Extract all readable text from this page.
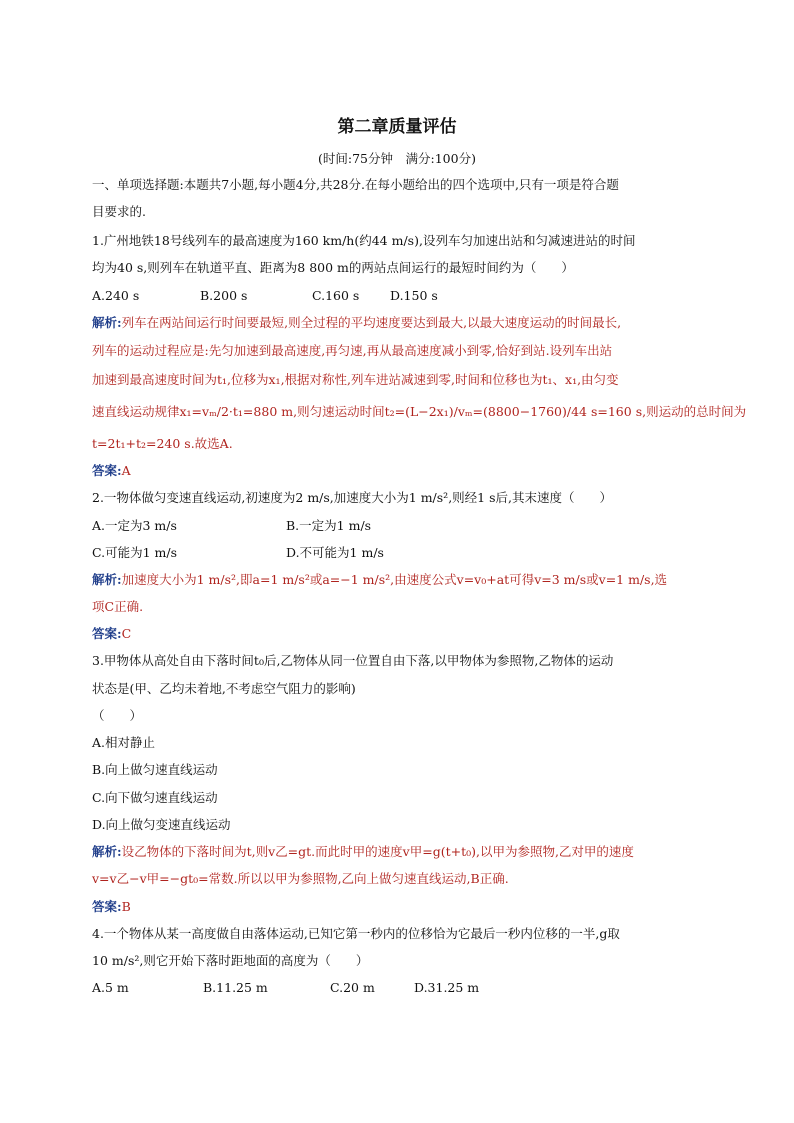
第二章质量评估
(时间:75分钟　满分:100分)
一、单项选择题:本题共7小题,每小题4分,共28分.在每小题给出的四个选项中,只有一项是符合题
目要求的.
1.广州地铁18号线列车的最高速度为160 km/h(约44 m/s),设列车匀加速出站和匀减速进站的时间
均为40 s,则列车在轨道平直、距离为8 800 m的两站点间运行的最短时间约为（　　）
A.240 s	B.200 s	C.160 s D.150 s
解析:列车在两站间运行时间要最短,则全过程的平均速度要达到最大,以最大速度运动的时间最长,
列车的运动过程应是:先匀加速到最高速度,再匀速,再从最高速度减小到零,恰好到站.设列车出站
加速到最高速度时间为t₁,位移为x₁,根据对称性,列车进站减速到零,时间和位移也为t₁、x₁,由匀变
速直线运动规律x₁=vₘ/2·t₁=880 m,则匀速运动时间t₂=(L−2x₁)/vₘ=(8800−1760)/44 s=160 s,则运动的总时间为
t=2t₁+t₂=240 s.故选A.
答案:A
2.一物体做匀变速直线运动,初速度为2 m/s,加速度大小为1 m/s²,则经1 s后,其末速度（　　）
A.一定为3 m/s	B.一定为1 m/s
C.可能为1 m/s	D.不可能为1 m/s
解析:加速度大小为1 m/s²,即a=1 m/s²或a=−1 m/s²,由速度公式v=v₀+at可得v=3 m/s或v=1 m/s,选
项C正确.
答案:C
3.甲物体从高处自由下落时间t₀后,乙物体从同一位置自由下落,以甲物体为参照物,乙物体的运动
状态是(甲、乙均未着地,不考虑空气阻力的影响)
（　　）
A.相对静止
B.向上做匀速直线运动
C.向下做匀速直线运动
D.向上做匀变速直线运动
解析:设乙物体的下落时间为t,则v乙=gt.而此时甲的速度v甲=g(t+t₀),以甲为参照物,乙对甲的速度
v=v乙−v甲=−gt₀=常数.所以以甲为参照物,乙向上做匀速直线运动,B正确.
答案:B
4.一个物体从某一高度做自由落体运动,已知它第一秒内的位移恰为它最后一秒内位移的一半,g取
10 m/s²,则它开始下落时距地面的高度为（　　）
A.5 m	B.11.25 m	C.20 m	D.31.25 m
